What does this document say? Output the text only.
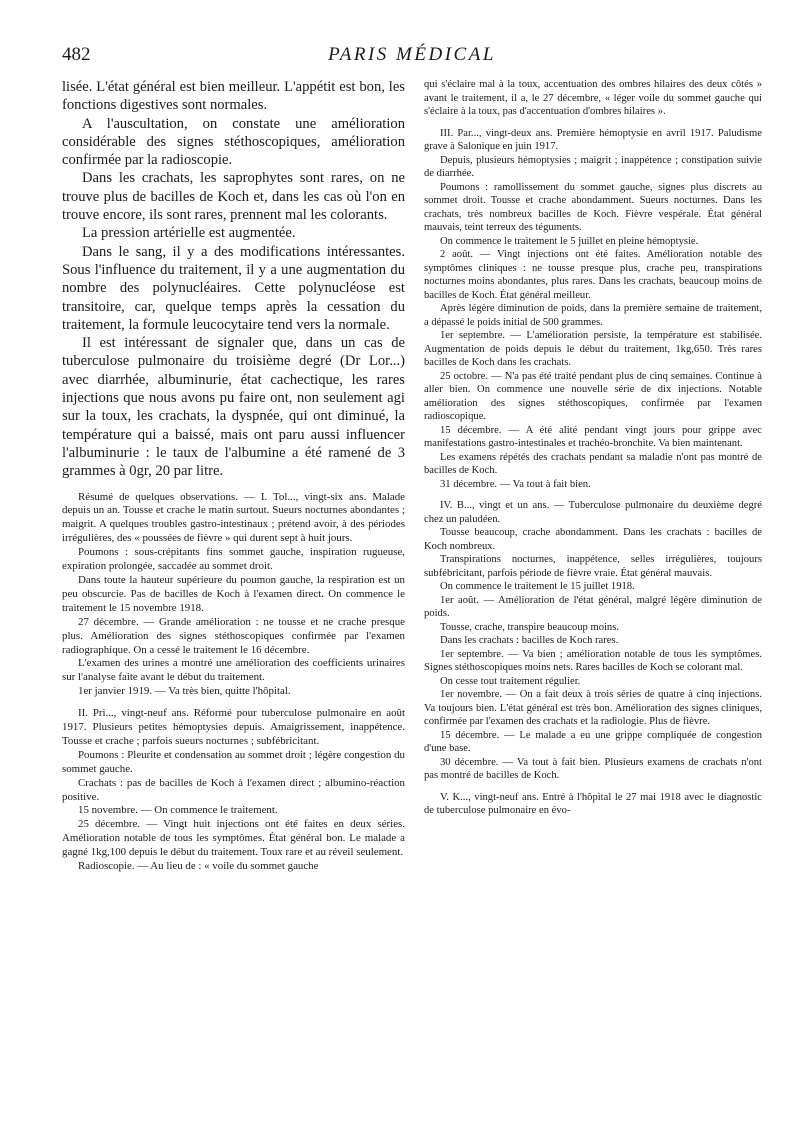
482	PARIS MÉDICAL

lisée. L'état général est bien meilleur. L'appétit est bon, les fonctions digestives sont normales.

A l'auscultation, on constate une amélioration considérable des signes stéthoscopiques, amélioration confirmée par la radioscopie.

Dans les crachats, les saprophytes sont rares, on ne trouve plus de bacilles de Koch et, dans les cas où l'on en trouve encore, ils sont rares, prennent mal les colorants.

La pression artérielle est augmentée.

Dans le sang, il y a des modifications intéressantes. Sous l'influence du traitement, il y a une augmentation du nombre des polynucléaires. Cette polynucléose est transitoire, car, quelque temps après la cessation du traitement, la formule leucocytaire tend vers la normale.

Il est intéressant de signaler que, dans un cas de tuberculose pulmonaire du troisième degré (Dr Lor...) avec diarrhée, albuminurie, état cachectique, les rares injections que nous avons pu faire ont, non seulement agi sur la toux, les crachats, la dyspnée, qui ont diminué, la température qui a baissé, mais ont paru aussi influencer l'albuminurie : le taux de l'albumine a été ramené de 3 grammes à 0gr, 20 par litre.

Résumé de quelques observations. — I. Tol..., vingt-six ans. Malade depuis un an. Tousse et crache le matin surtout. Sueurs nocturnes abondantes ; maigrit. A quelques troubles gastro-intestinaux ; prétend avoir, à des périodes irrégulières, des « poussées de fièvre » qui durent sept à huit jours.

Poumons : sous-crépitants fins sommet gauche, inspiration rugueuse, expiration prolongée, saccadée au sommet droit.

Dans toute la hauteur supérieure du poumon gauche, la respiration est un peu obscurcie. Pas de bacilles de Koch à l'examen direct. On commence le traitement le 15 novembre 1918.

27 décembre. — Grande amélioration : ne tousse et ne crache presque plus. Amélioration des signes stéthoscopiques confirmée par l'examen radiographique. On a cessé le traitement le 16 décembre.

L'examen des urines a montré une amélioration des coefficients urinaires sur l'analyse faite avant le début du traitement.

1er janvier 1919. — Va très bien, quitte l'hôpital.

II. Pri..., vingt-neuf ans. Réformé pour tuberculose pulmonaire en août 1917. Plusieurs petites hémoptysies depuis. Amaigrissement, inappétence. Tousse et crache ; parfois sueurs nocturnes ; subfébricitant.

Poumons : Pleurite et condensation au sommet droit ; légère congestion du sommet gauche.

Crachats : pas de bacilles de Koch à l'examen direct ; albumino-réaction positive.

15 novembre. — On commence le traitement.

25 décembre. — Vingt huit injections ont été faites en deux séries. Amélioration notable de tous les symptômes. État général bon. Le malade a gagné 1kg,100 depuis le début du traitement. Toux rare et au réveil seulement.

Radioscopie. — Au lieu de : « voile du sommet gauche

qui s'éclaire mal à la toux, accentuation des ombres hilaires des deux côtés » avant le traitement, il a, le 27 décembre, « léger voile du sommet gauche qui s'éclaire à la toux, pas d'accentuation d'ombres hilaires ».

III. Par..., vingt-deux ans. Première hémoptysie en avril 1917. Paludisme grave à Salonique en juin 1917.

Depuis, plusieurs hémoptysies ; maigrit ; inappétence ; constipation suivie de diarrhée.

Poumons : ramollissement du sommet gauche, signes plus discrets au sommet droit. Tousse et crache abondamment. Sueurs nocturnes. Dans les crachats, très nombreux bacilles de Koch. Fièvre vespérale. État général mauvais, teint terreux des téguments.

On commence le traitement le 5 juillet en pleine hémoptysie.

2 août. — Vingt injections ont été faites. Amélioration notable des symptômes cliniques : ne tousse presque plus, crache peu, transpirations nocturnes moins abondantes, plus rares. Dans les crachats, beaucoup moins de bacilles de Koch. État général meilleur.

Après légère diminution de poids, dans la première semaine de traitement, a dépassé le poids initial de 500 grammes.

1er septembre. — L'amélioration persiste, la température est stabilisée. Augmentation de poids depuis le début du traitement, 1kg,650. Très rares bacilles de Koch dans les crachats.

25 octobre. — N'a pas été traité pendant plus de cinq semaines. Continue à aller bien. On commence une nouvelle série de dix injections. Notable amélioration des signes stéthoscopiques, confirmée par l'examen radioscopique.

15 décembre. — A été alité pendant vingt jours pour grippe avec manifestations gastro-intestinales et trachéo-bronchite. Va bien maintenant.

Les examens répétés des crachats pendant sa maladie n'ont pas montré de bacilles de Koch.

31 décembre. — Va tout à fait bien.

IV. B..., vingt et un ans. — Tuberculose pulmonaire du deuxième degré chez un paludéen.

Tousse beaucoup, crache abondamment. Dans les crachats : bacilles de Koch nombreux.

Transpirations nocturnes, inappétence, selles irrégulières, toujours subfébricitant, parfois période de fièvre vraie. État général mauvais.

On commence le traitement le 15 juillet 1918.

1er août. — Amélioration de l'état général, malgré légère diminution de poids.

Tousse, crache, transpire beaucoup moins.

Dans les crachats : bacilles de Koch rares.

1er septembre. — Va bien ; amélioration notable de tous les symptômes. Signes stéthoscopiques moins nets. Rares bacilles de Koch se colorant mal.

On cesse tout traitement régulier.

1er novembre. — On a fait deux à trois séries de quatre à cinq injections. Va toujours bien. L'état général est très bon. Amélioration des signes cliniques, confirmée par l'examen des crachats et la radiologie. Plus de fièvre.

15 décembre. — Le malade a eu une grippe compliquée de congestion d'une base.

30 décembre. — Va tout à fait bien. Plusieurs examens de crachats n'ont pas montré de bacilles de Koch.

V. K..., vingt-neuf ans. Entré à l'hôpital le 27 mai 1918 avec le diagnostic de tuberculose pulmonaire en évo-
